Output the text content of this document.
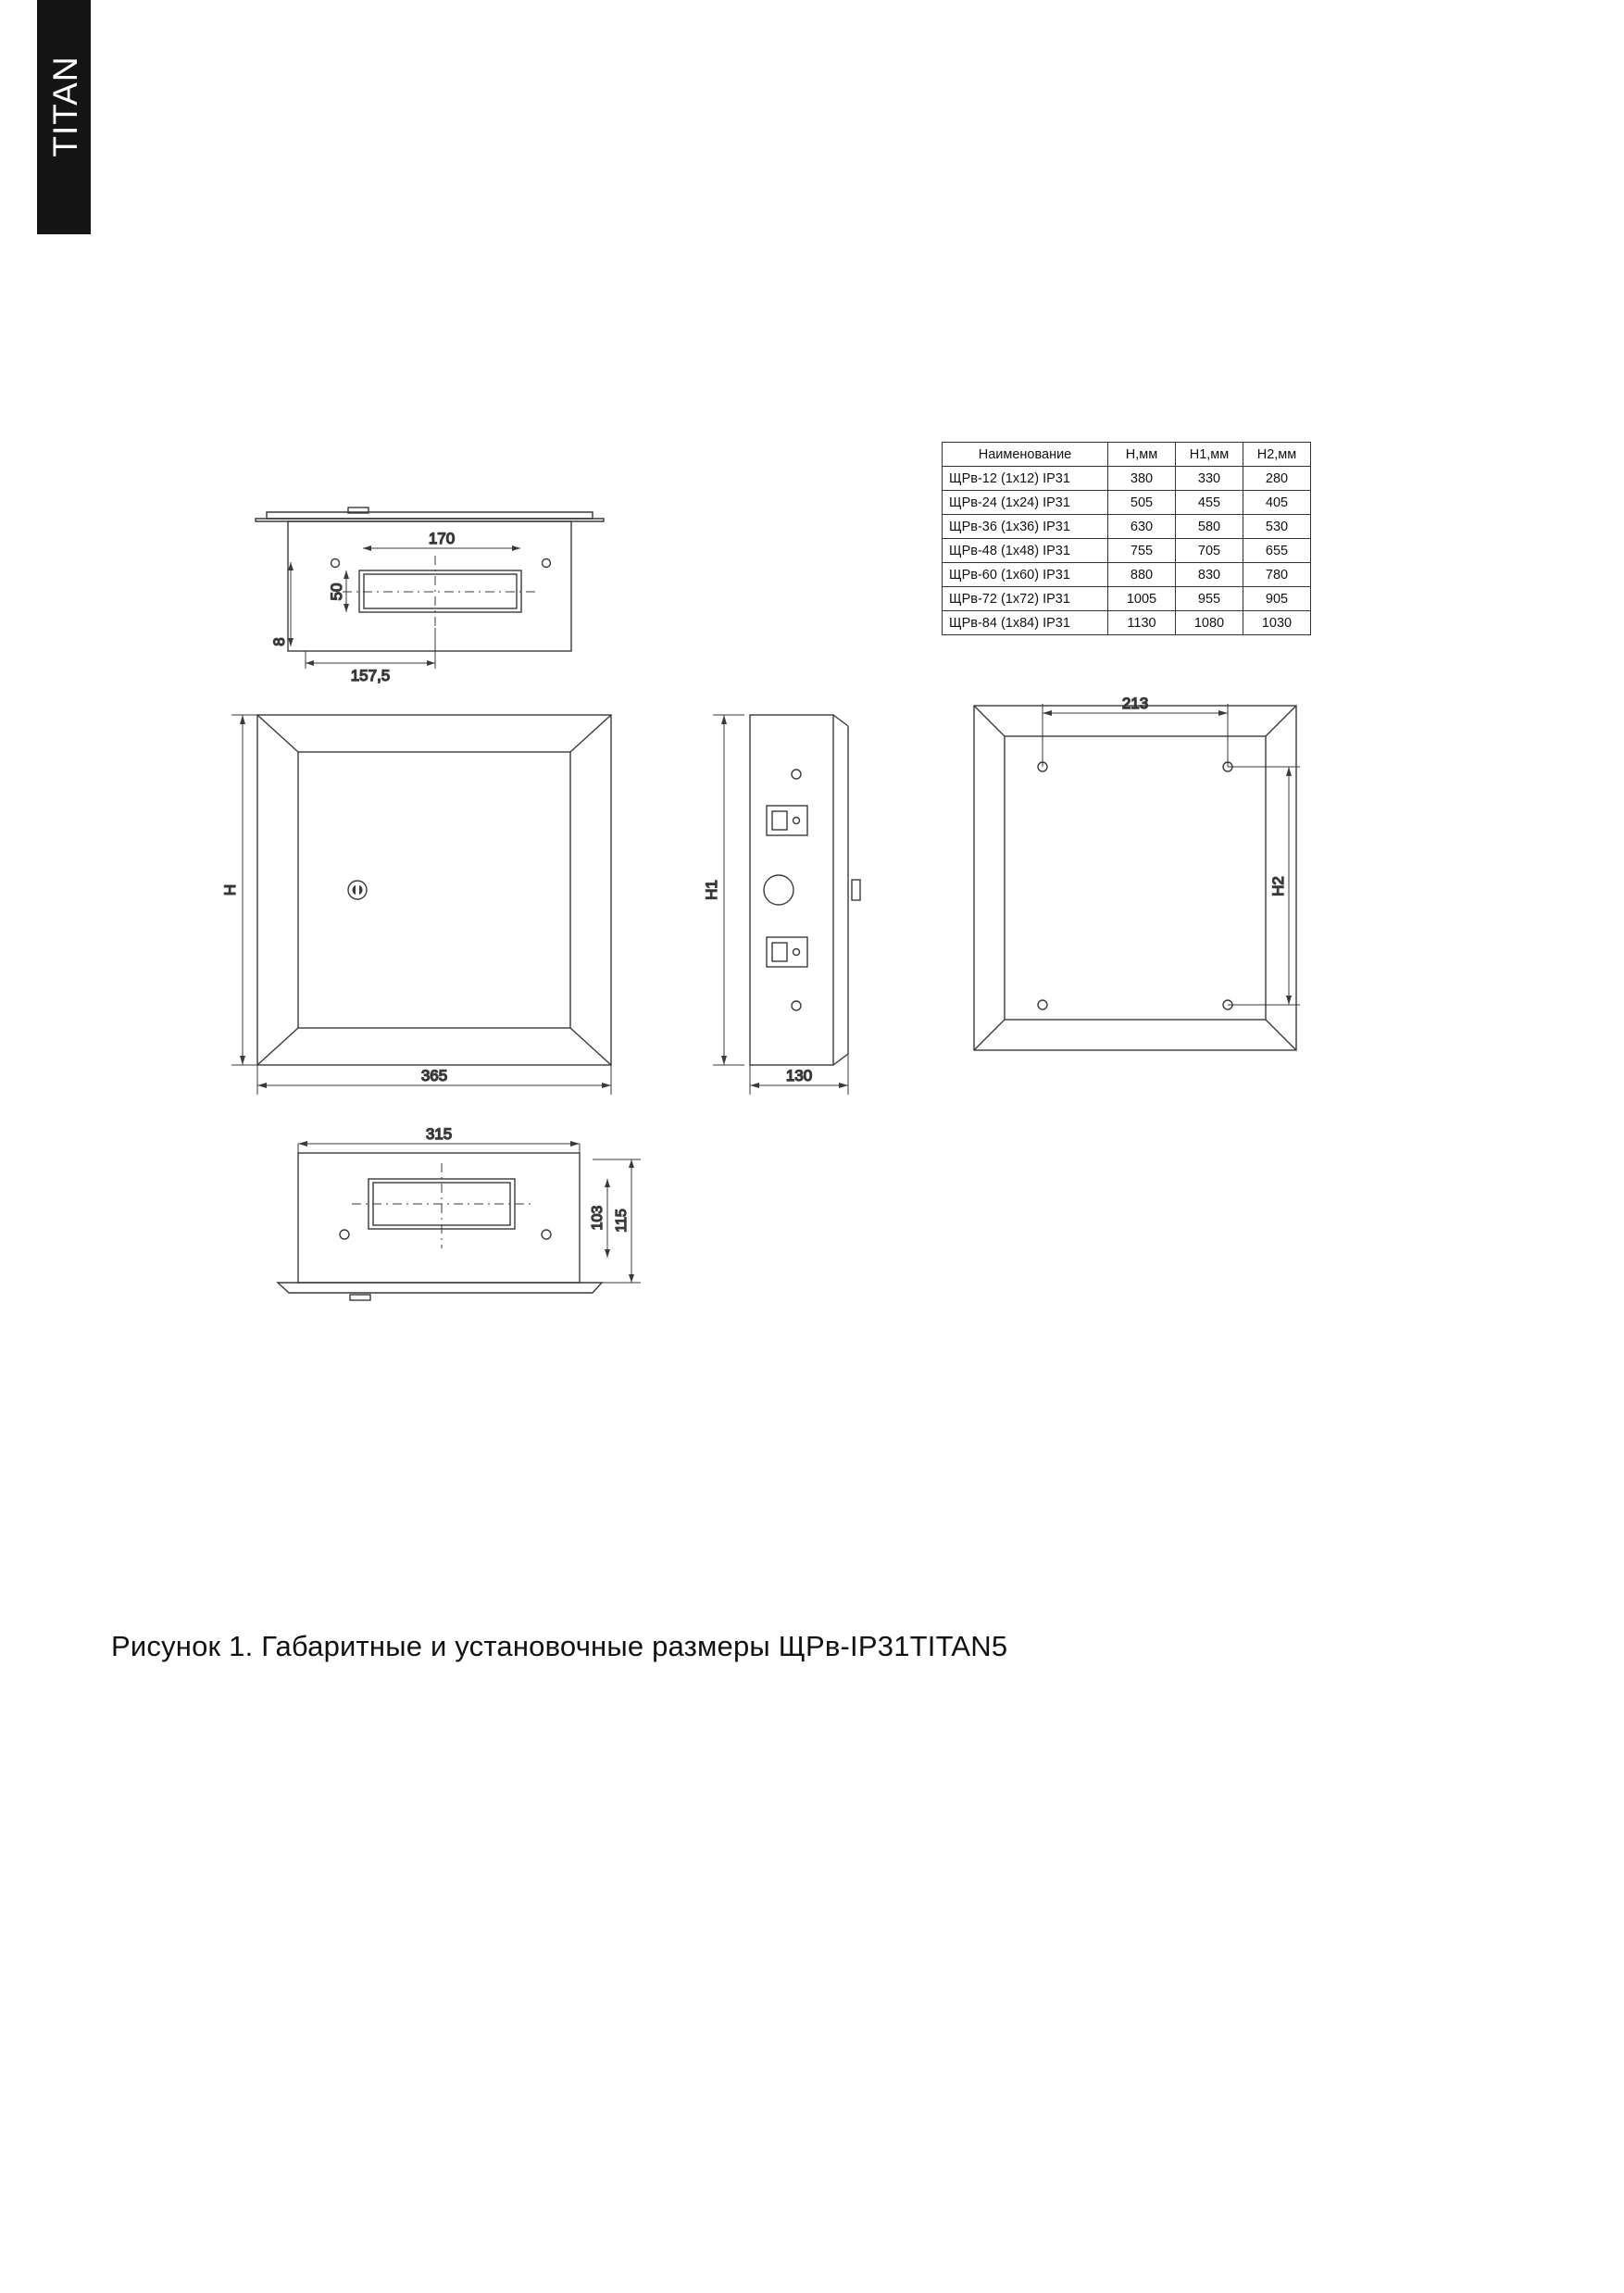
TITAN
Наименование	Н,мм	Н1,мм	Н2,мм
ЩРв-12 (1х12) IP31	380	330	280
ЩРв-24 (1х24) IP31	505	455	405
ЩРв-36 (1х36) IP31	630	580	530
ЩРв-48 (1х48) IP31	755	705	655
ЩРв-60 (1х60) IP31	880	830	780
ЩРв-72 (1х72) IP31	1005	955	905
ЩРв-84 (1х84) IP31	1130	1080	1030
170
50
8
157,5
H
365
H1
130
213
H2
315
103 115
Рисунок 1. Габаритные и установочные размеры ЩРв-IP31TITAN5
